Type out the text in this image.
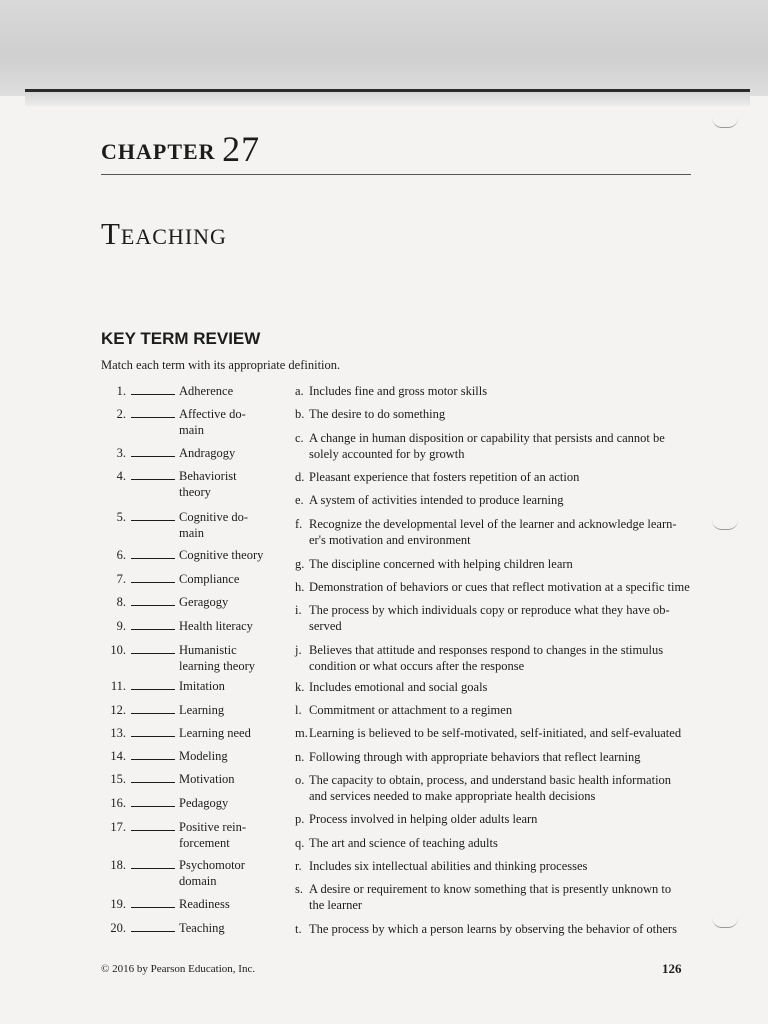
CHAPTER 27
Teaching
KEY TERM REVIEW
Match each term with its appropriate definition.
1.	Adherence
2.	Affective do-
main
3.	Andragogy
4.	Behaviorist
theory
5.	Cognitive do-
main
6.	Cognitive theory
7.	Compliance
8.	Geragogy
9.	Health literacy
10.	Humanistic
learning theory
11.	Imitation
12.	Learning
13.	Learning need
14.	Modeling
15.	Motivation
16.	Pedagogy
17.	Positive rein-
forcement
18.	Psychomotor
domain
19.	Readiness
20.	Teaching
a. Includes fine and gross motor skills
b. The desire to do something
c. A change in human disposition or capability that persists and cannot be
solely accounted for by growth
d. Pleasant experience that fosters repetition of an action
e. A system of activities intended to produce learning
f. Recognize the developmental level of the learner and acknowledge learn-
er's motivation and environment
g. The discipline concerned with helping children learn
h. Demonstration of behaviors or cues that reflect motivation at a specific time
i. The process by which individuals copy or reproduce what they have ob-
served
j. Believes that attitude and responses respond to changes in the stimulus
condition or what occurs after the response
k. Includes emotional and social goals
l. Commitment or attachment to a regimen
m. Learning is believed to be self-motivated, self-initiated, and self-evaluated
n. Following through with appropriate behaviors that reflect learning
o. The capacity to obtain, process, and understand basic health information
and services needed to make appropriate health decisions
p. Process involved in helping older adults learn
q. The art and science of teaching adults
r. Includes six intellectual abilities and thinking processes
s. A desire or requirement to know something that is presently unknown to
the learner
t. The process by which a person learns by observing the behavior of others
© 2016 by Pearson Education, Inc.	126
